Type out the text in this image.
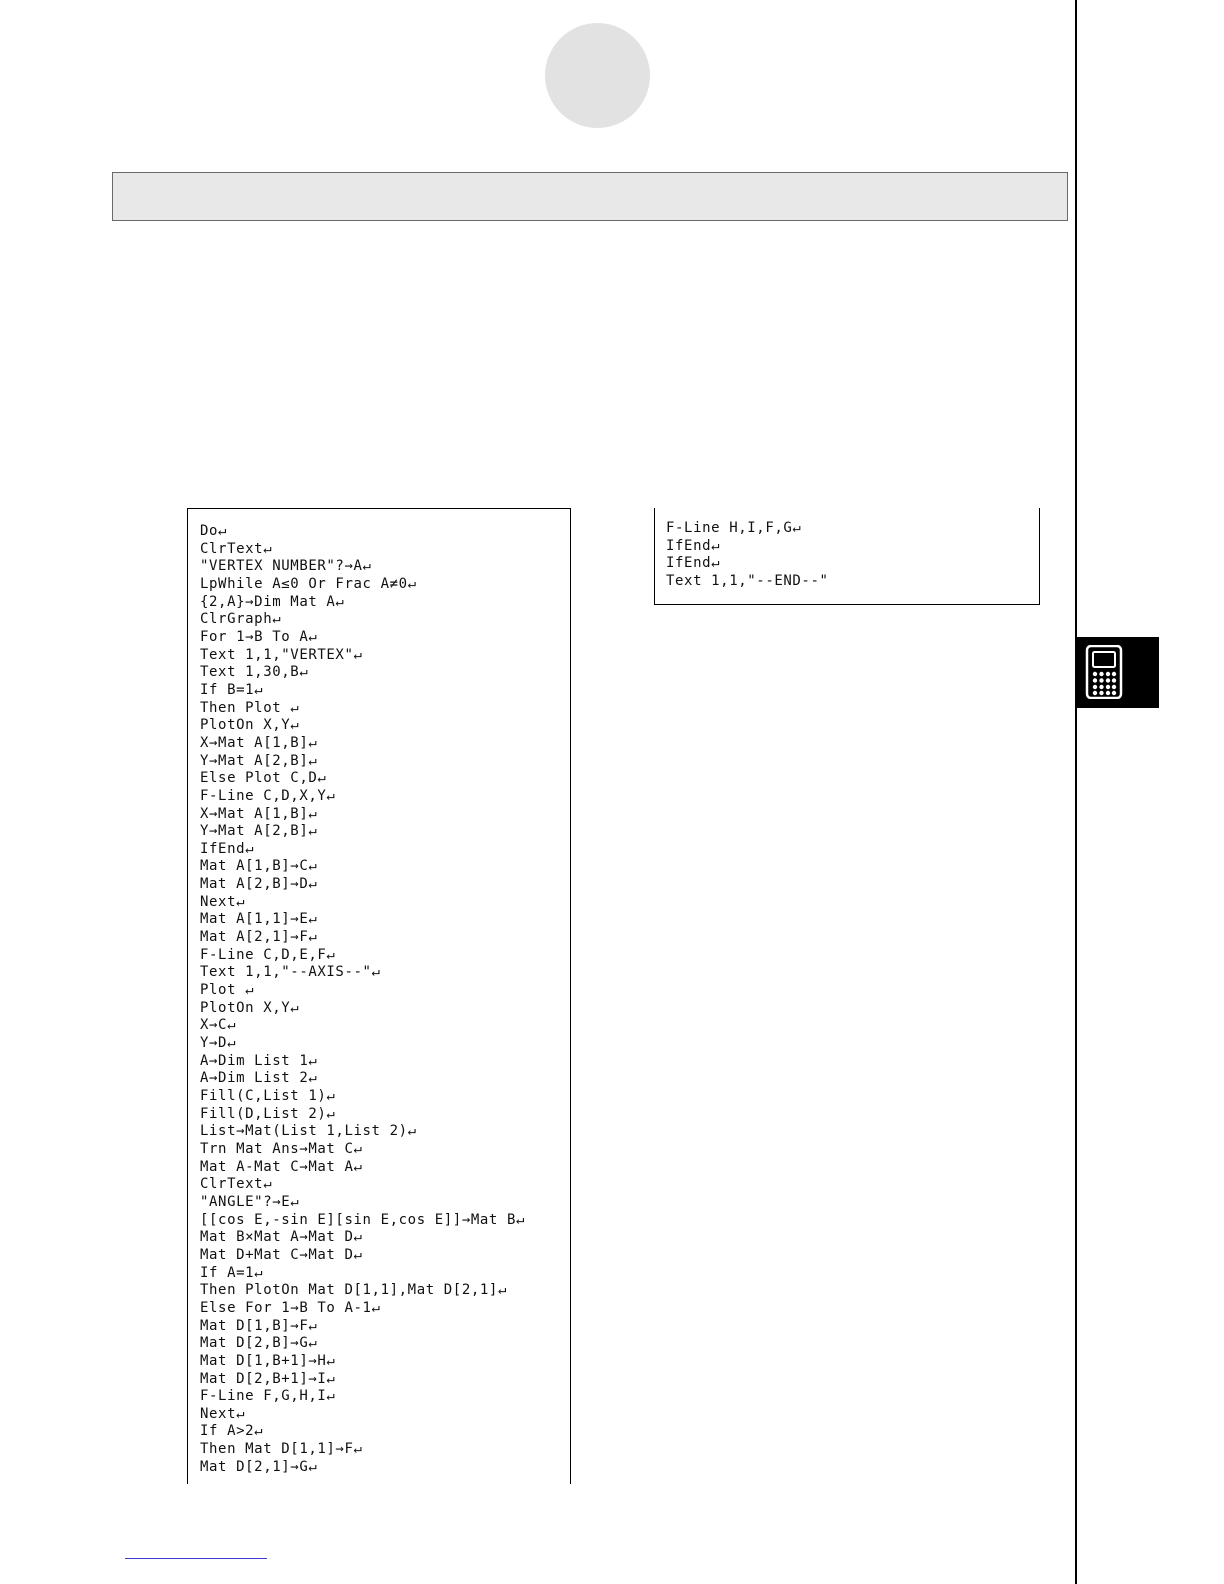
Do↵
ClrText↵
"VERTEX NUMBER"?→A↵
LpWhile A≤0 Or Frac A≠0↵
{2,A}→Dim Mat A↵
ClrGraph↵
For 1→B To A↵
Text 1,1,"VERTEX"↵
Text 1,30,B↵
If B=1↵
Then Plot ↵
PlotOn X,Y↵
X→Mat A[1,B]↵
Y→Mat A[2,B]↵
Else Plot C,D↵
F-Line C,D,X,Y↵
X→Mat A[1,B]↵
Y→Mat A[2,B]↵
IfEnd↵
Mat A[1,B]→C↵
Mat A[2,B]→D↵
Next↵
Mat A[1,1]→E↵
Mat A[2,1]→F↵
F-Line C,D,E,F↵
Text 1,1,"--AXIS--"↵
Plot ↵
PlotOn X,Y↵
X→C↵
Y→D↵
A→Dim List 1↵
A→Dim List 2↵
Fill(C,List 1)↵
Fill(D,List 2)↵
List→Mat(List 1,List 2)↵
Trn Mat Ans→Mat C↵
Mat A-Mat C→Mat A↵
ClrText↵
"ANGLE"?→E↵
[[cos E,-sin E][sin E,cos E]]→Mat B↵
Mat B×Mat A→Mat D↵
Mat D+Mat C→Mat D↵
If A=1↵
Then PlotOn Mat D[1,1],Mat D[2,1]↵
Else For 1→B To A-1↵
Mat D[1,B]→F↵
Mat D[2,B]→G↵
Mat D[1,B+1]→H↵
Mat D[2,B+1]→I↵
F-Line F,G,H,I↵
Next↵
If A>2↵
Then Mat D[1,1]→F↵
Mat D[2,1]→G↵
F-Line H,I,F,G↵
IfEnd↵
IfEnd↵
Text 1,1,"--END--"
